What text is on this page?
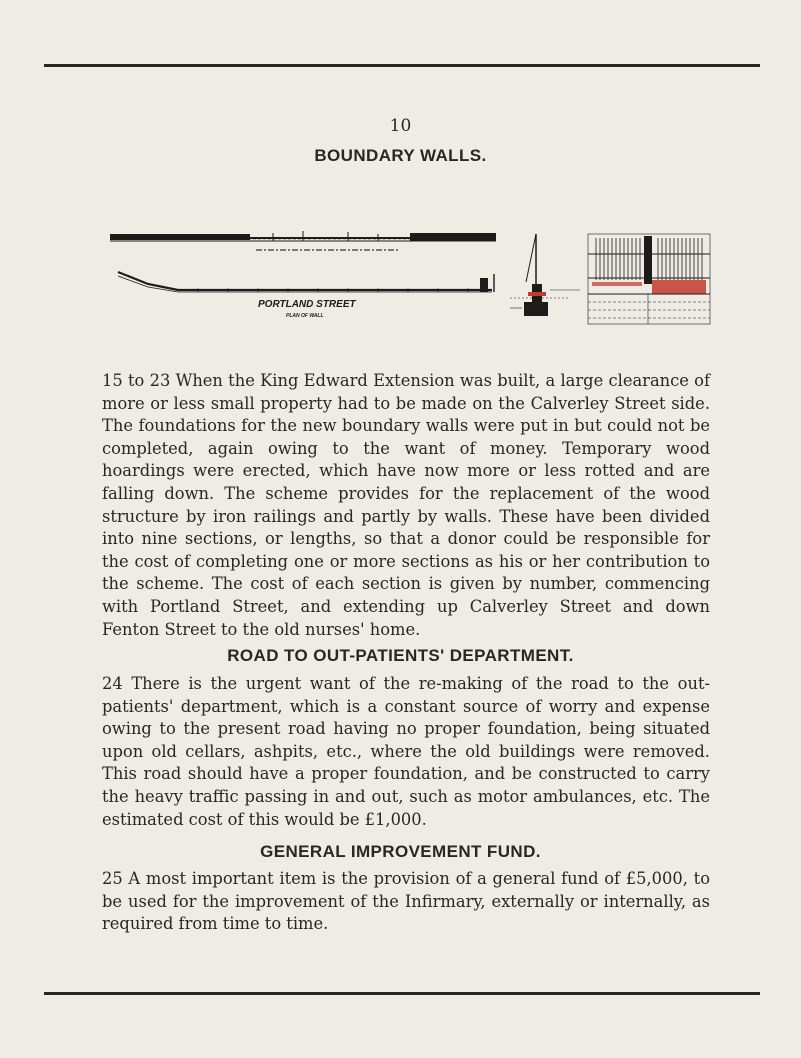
10
BOUNDARY WALLS.
PORTLAND STREET
PLAN OF WALL

15 to 23 When the King Edward Extension was built, a large clearance of more or less small property had to be made on the Calverley Street side. The foundations for the new boundary walls were put in but could not be completed, again owing to the want of money. Temporary wood hoardings were erected, which have now more or less rotted and are falling down. The scheme provides for the replacement of the wood structure by iron railings and partly by walls. These have been divided into nine sections, or lengths, so that a donor could be responsible for the cost of completing one or more sections as his or her contribution to the scheme. The cost of each section is given by number, commencing with Portland Street, and extending up Calverley Street and down Fenton Street to the old nurses' home.

ROAD TO OUT-PATIENTS' DEPARTMENT.

24 There is the urgent want of the re-making of the road to the out-patients' department, which is a constant source of worry and expense owing to the present road having no proper foundation, being situated upon old cellars, ashpits, etc., where the old buildings were removed. This road should have a proper foundation, and be constructed to carry the heavy traffic passing in and out, such as motor ambulances, etc. The estimated cost of this would be £1,000.

GENERAL IMPROVEMENT FUND.

25 A most important item is the provision of a general fund of £5,000, to be used for the improvement of the Infirmary, externally or internally, as required from time to time.
